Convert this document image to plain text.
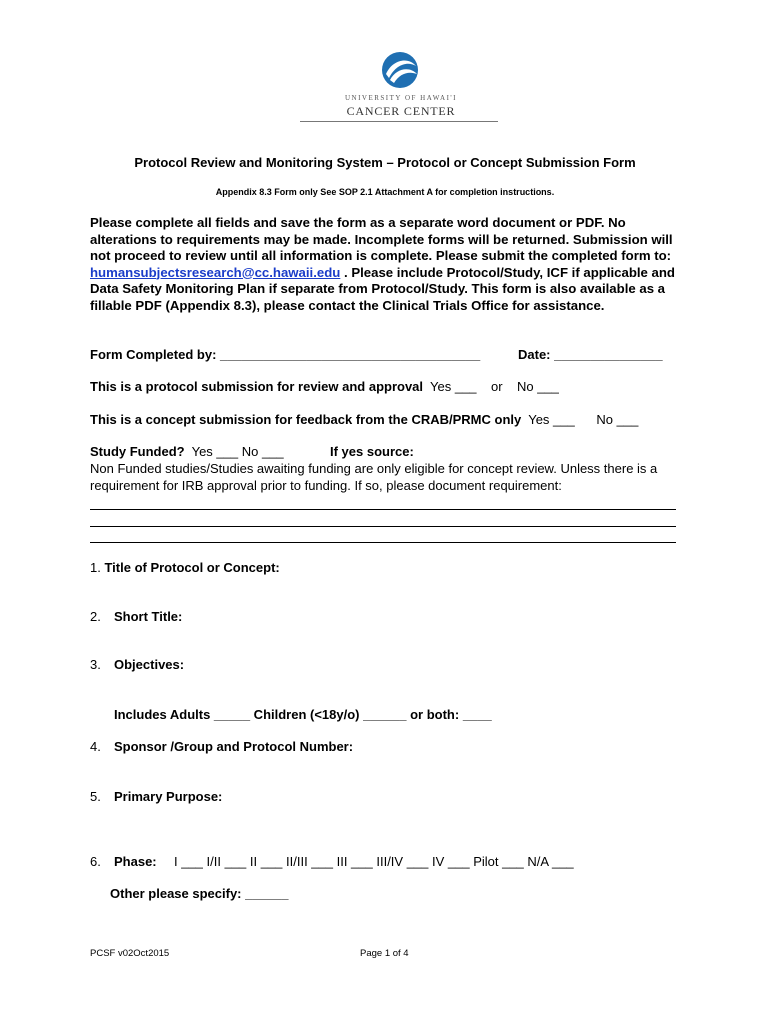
UNIVERSITY OF HAWAI'I
CANCER CENTER
Protocol Review and Monitoring System – Protocol or Concept Submission Form
Appendix 8.3 Form only See SOP 2.1 Attachment A for completion instructions.
Please complete all fields and save the form as a separate word document or PDF. No alterations to requirements may be made. Incomplete forms will be returned. Submission will not proceed to review until all information is complete. Please submit the completed form to: humansubjectsresearch@cc.hawaii.edu . Please include Protocol/Study, ICF if applicable and Data Safety Monitoring Plan if separate from Protocol/Study. This form is also available as a fillable PDF (Appendix 8.3), please contact the Clinical Trials Office for assistance.
Form Completed by: ____________________________________	Date: _______________
This is a protocol submission for review and approval  Yes ___    or    No ___
This is a concept submission for feedback from the CRAB/PRMC only  Yes ___      No ___
Study Funded?  Yes ___ No ___	If yes source:
Non Funded studies/Studies awaiting funding are only eligible for concept review. Unless there is a requirement for IRB approval prior to funding. If so, please document requirement:
1. Title of Protocol or Concept:
2. Short Title:
3. Objectives:
Includes Adults _____ Children (<18y/o) ______ or both: ____
4. Sponsor /Group and Protocol Number:
5. Primary Purpose:
6. Phase: I ___ I/II ___ II ___ II/III ___ III ___ III/IV ___ IV ___ Pilot ___ N/A ___
Other please specify: ______
PCSF v02Oct2015	Page 1 of 4
